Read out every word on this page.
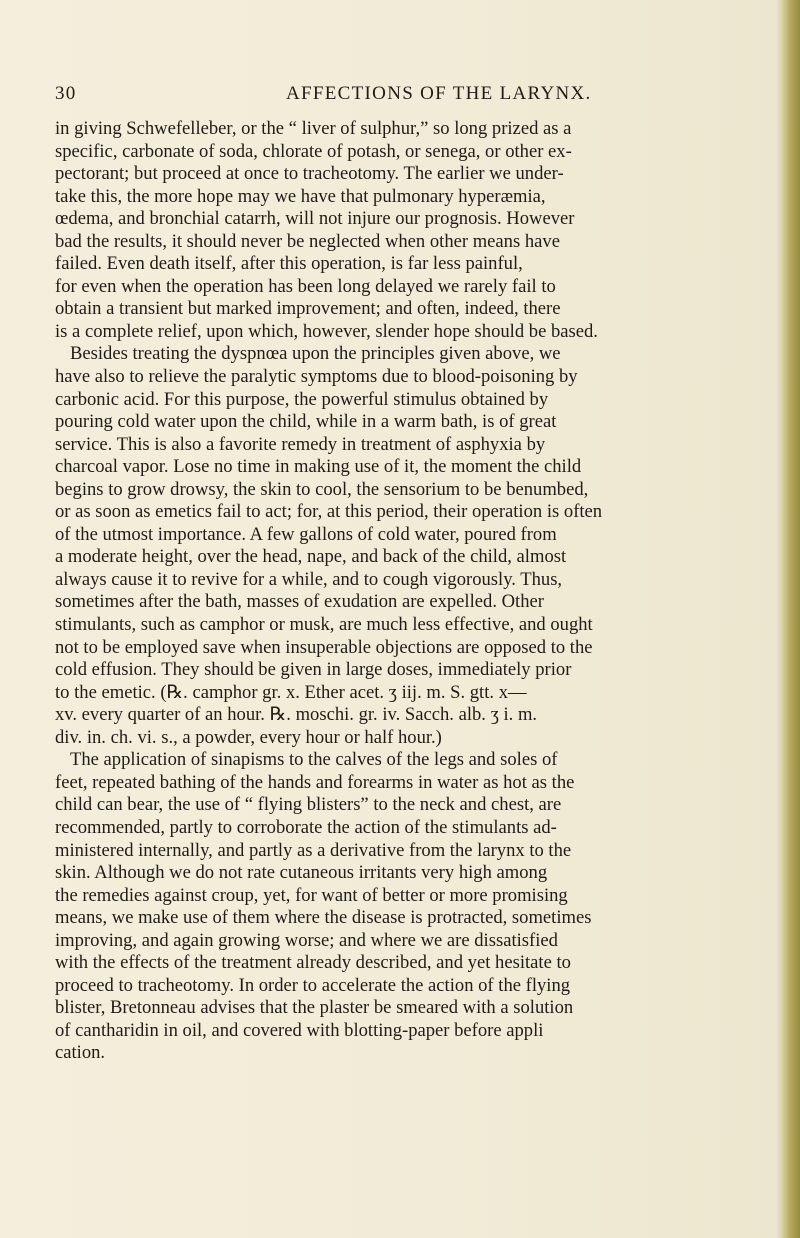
30	AFFECTIONS OF THE LARYNX.
in giving Schwefelleber, or the “ liver of sulphur,” so long prized as a
specific, carbonate of soda, chlorate of potash, or senega, or other ex-
pectorant; but proceed at once to tracheotomy. The earlier we under-
take this, the more hope may we have that pulmonary hyperæmia,
œdema, and bronchial catarrh, will not injure our prognosis. However
bad the results, it should never be neglected when other means have
failed. Even death itself, after this operation, is far less painful,
for even when the operation has been long delayed we rarely fail to
obtain a transient but marked improvement; and often, indeed, there
is a complete relief, upon which, however, slender hope should be based.
Besides treating the dyspnœa upon the principles given above, we
have also to relieve the paralytic symptoms due to blood-poisoning by
carbonic acid. For this purpose, the powerful stimulus obtained by
pouring cold water upon the child, while in a warm bath, is of great
service. This is also a favorite remedy in treatment of asphyxia by
charcoal vapor. Lose no time in making use of it, the moment the child
begins to grow drowsy, the skin to cool, the sensorium to be benumbed,
or as soon as emetics fail to act; for, at this period, their operation is often
of the utmost importance. A few gallons of cold water, poured from
a moderate height, over the head, nape, and back of the child, almost
always cause it to revive for a while, and to cough vigorously. Thus,
sometimes after the bath, masses of exudation are expelled. Other
stimulants, such as camphor or musk, are much less effective, and ought
not to be employed save when insuperable objections are opposed to the
cold effusion. They should be given in large doses, immediately prior
to the emetic. (℞. camphor gr. x. Ether acet. ʒ iij. m. S. gtt. x—
xv. every quarter of an hour. ℞. moschi. gr. iv. Sacch. alb. ʒ i. m.
div. in. ch. vi. s., a powder, every hour or half hour.)
The application of sinapisms to the calves of the legs and soles of
feet, repeated bathing of the hands and forearms in water as hot as the
child can bear, the use of “ flying blisters” to the neck and chest, are
recommended, partly to corroborate the action of the stimulants ad-
ministered internally, and partly as a derivative from the larynx to the
skin. Although we do not rate cutaneous irritants very high among
the remedies against croup, yet, for want of better or more promising
means, we make use of them where the disease is protracted, sometimes
improving, and again growing worse; and where we are dissatisfied
with the effects of the treatment already described, and yet hesitate to
proceed to tracheotomy. In order to accelerate the action of the flying
blister, Bretonneau advises that the plaster be smeared with a solution
of cantharidin in oil, and covered with blotting-paper before appli
cation.
